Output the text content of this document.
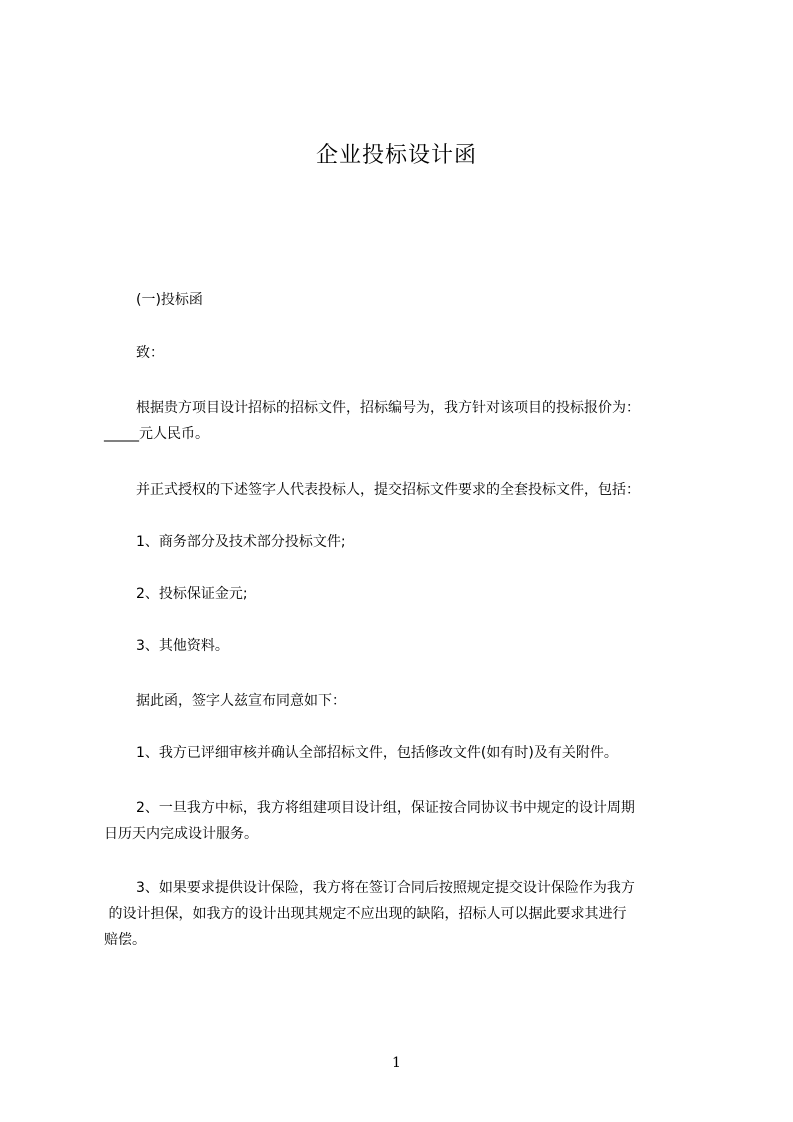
企业投标设计函
(一)投标函
致：
根据贵方项目设计招标的招标文件，招标编号为，我方针对该项目的投标报价为：
_____元人民币。
并正式授权的下述签字人代表投标人，提交招标文件要求的全套投标文件，包括：
1、商务部分及技术部分投标文件;
2、投标保证金元;
3、其他资料。
据此函，签字人兹宣布同意如下：
1、我方已评细审核并确认全部招标文件，包括修改文件(如有时)及有关附件。
2、一旦我方中标，我方将组建项目设计组，保证按合同协议书中规定的设计周期
日历天内完成设计服务。
3、如果要求提供设计保险，我方将在签订合同后按照规定提交设计保险作为我方
的设计担保，如我方的设计出现其规定不应出现的缺陷，招标人可以据此要求其进行
赔偿。
1
